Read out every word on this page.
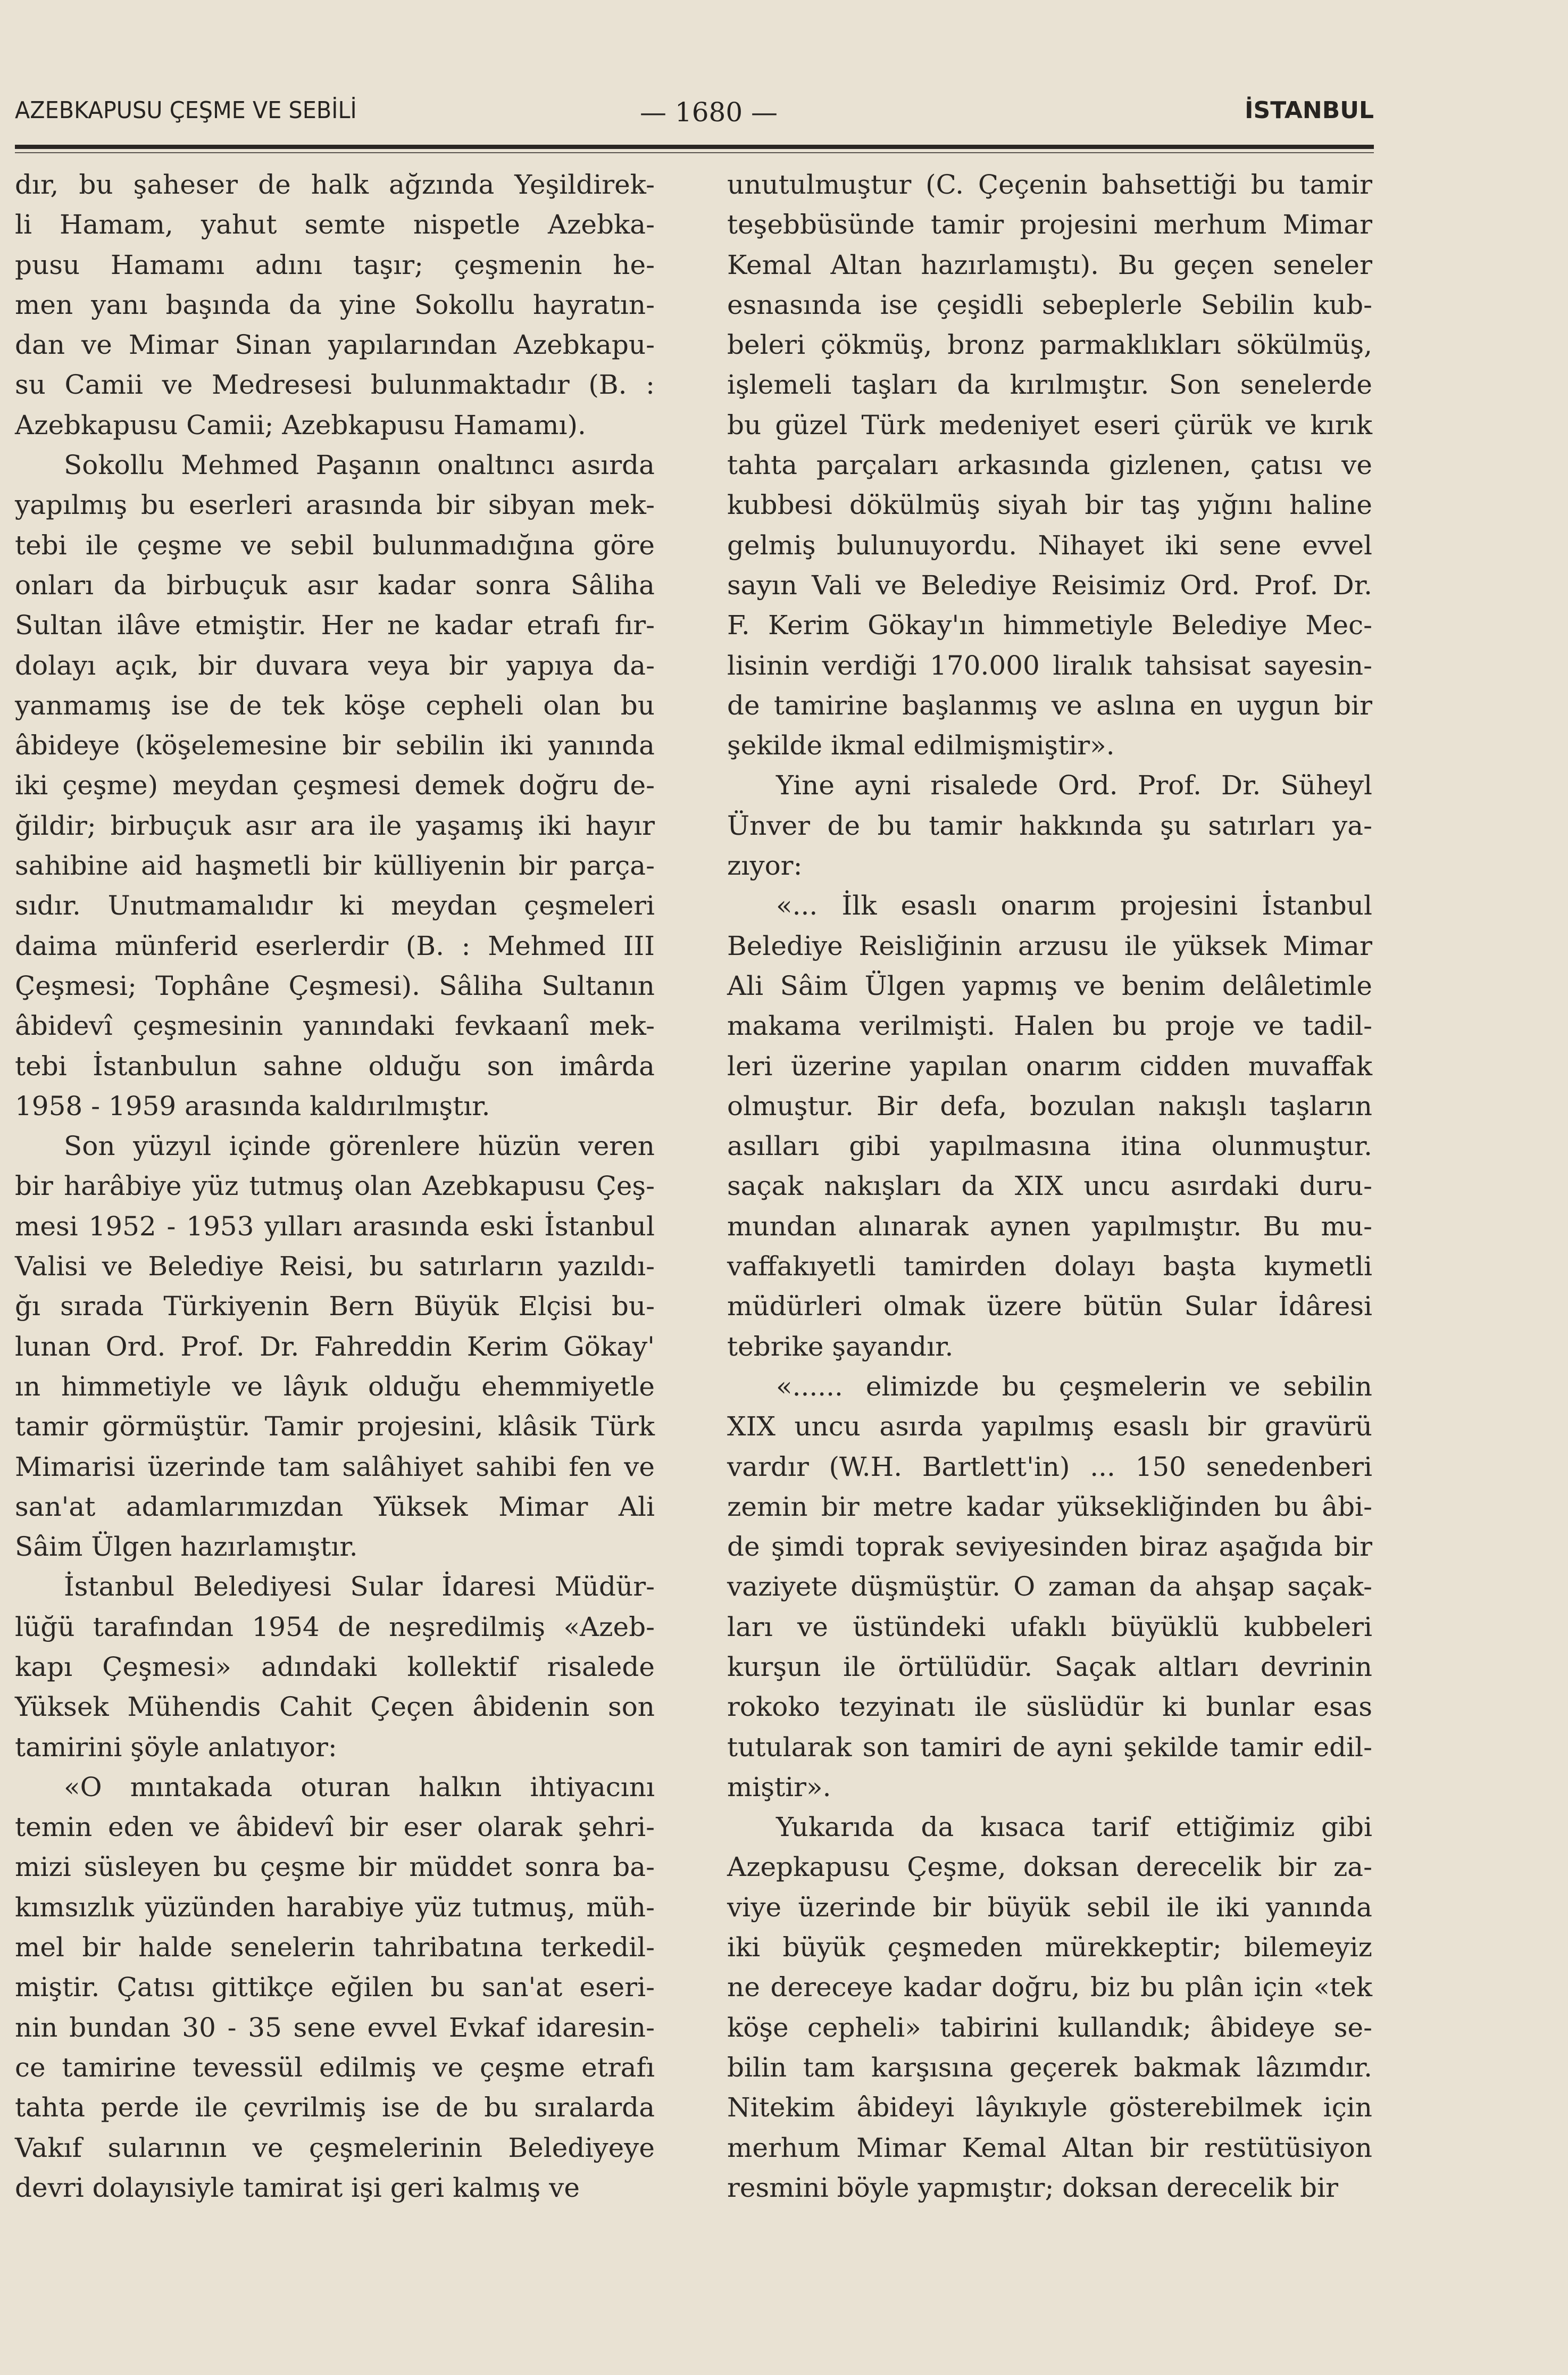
AZEBKAPUSU ÇEŞME VE SEBİLİ	— 1680 —	İSTANBUL

dır, bu şaheser de halk ağzında Yeşildirek-
li Hamam, yahut semte nispetle Azebka-
pusu Hamamı adını taşır; çeşmenin he-
men yanı başında da yine Sokollu hayratın-
dan ve Mimar Sinan yapılarından Azebkapu-
su Camii ve Medresesi bulunmaktadır (B. :
Azebkapusu Camii; Azebkapusu Hamamı).

Sokollu Mehmed Paşanın onaltıncı asırda
yapılmış bu eserleri arasında bir sibyan mek-
tebi ile çeşme ve sebil bulunmadığına göre
onları da birbuçuk asır kadar sonra Sâliha
Sultan ilâve etmiştir. Her ne kadar etrafı fır-
dolayı açık, bir duvara veya bir yapıya da-
yanmamış ise de tek köşe cepheli olan bu
âbideye (köşelemesine bir sebilin iki yanında
iki çeşme) meydan çeşmesi demek doğru de-
ğildir; birbuçuk asır ara ile yaşamış iki hayır
sahibine aid haşmetli bir külliyenin bir parça-
sıdır. Unutmamalıdır ki meydan çeşmeleri
daima münferid eserlerdir (B. : Mehmed III
Çeşmesi; Tophâne Çeşmesi). Sâliha Sultanın
âbidevî çeşmesinin yanındaki fevkaanî mek-
tebi İstanbulun sahne olduğu son imârda
1958 - 1959 arasında kaldırılmıştır.

Son yüzyıl içinde görenlere hüzün veren
bir harâbiye yüz tutmuş olan Azebkapusu Çeş-
mesi 1952 - 1953 yılları arasında eski İstanbul
Valisi ve Belediye Reisi, bu satırların yazıldı-
ğı sırada Türkiyenin Bern Büyük Elçisi bu-
lunan Ord. Prof. Dr. Fahreddin Kerim Gökay'
ın himmetiyle ve lâyık olduğu ehemmiyetle
tamir görmüştür. Tamir projesini, klâsik Türk
Mimarisi üzerinde tam salâhiyet sahibi fen ve
san'at adamlarımızdan Yüksek Mimar Ali
Sâim Ülgen hazırlamıştır.

İstanbul Belediyesi Sular İdaresi Müdür-
lüğü tarafından 1954 de neşredilmiş «Azeb-
kapı Çeşmesi» adındaki kollektif risalede
Yüksek Mühendis Cahit Çeçen âbidenin son
tamirini şöyle anlatıyor:

«O mıntakada oturan halkın ihtiyacını
temin eden ve âbidevî bir eser olarak şehri-
mizi süsleyen bu çeşme bir müddet sonra ba-
kımsızlık yüzünden harabiye yüz tutmuş, müh-
mel bir halde senelerin tahribatına terkedil-
miştir. Çatısı gittikçe eğilen bu san'at eseri-
nin bundan 30 - 35 sene evvel Evkaf idaresin-
ce tamirine tevessül edilmiş ve çeşme etrafı
tahta perde ile çevrilmiş ise de bu sıralarda
Vakıf sularının ve çeşmelerinin Belediyeye
devri dolayısiyle tamirat işi geri kalmış ve

unutulmuştur (C. Çeçenin bahsettiği bu tamir
teşebbüsünde tamir projesini merhum Mimar
Kemal Altan hazırlamıştı). Bu geçen seneler
esnasında ise çeşidli sebeplerle Sebilin kub-
beleri çökmüş, bronz parmaklıkları sökülmüş,
işlemeli taşları da kırılmıştır. Son senelerde
bu güzel Türk medeniyet eseri çürük ve kırık
tahta parçaları arkasında gizlenen, çatısı ve
kubbesi dökülmüş siyah bir taş yığını haline
gelmiş bulunuyordu. Nihayet iki sene evvel
sayın Vali ve Belediye Reisimiz Ord. Prof. Dr.
F. Kerim Gökay'ın himmetiyle Belediye Mec-
lisinin verdiği 170.000 liralık tahsisat sayesin-
de tamirine başlanmış ve aslına en uygun bir
şekilde ikmal edilmişmiştir».

Yine ayni risalede Ord. Prof. Dr. Süheyl
Ünver de bu tamir hakkında şu satırları ya-
zıyor:

«... İlk esaslı onarım projesini İstanbul
Belediye Reisliğinin arzusu ile yüksek Mimar
Ali Sâim Ülgen yapmış ve benim delâletimle
makama verilmişti. Halen bu proje ve tadil-
leri üzerine yapılan onarım cidden muvaffak
olmuştur. Bir defa, bozulan nakışlı taşların
asılları gibi yapılmasına itina olunmuştur.
saçak nakışları da XIX uncu asırdaki duru-
mundan alınarak aynen yapılmıştır. Bu mu-
vaffakıyetli tamirden dolayı başta kıymetli
müdürleri olmak üzere bütün Sular İdâresi
tebrike şayandır.

«...... elimizde bu çeşmelerin ve sebilin
XIX uncu asırda yapılmış esaslı bir gravürü
vardır (W.H. Bartlett'in) ... 150 senedenberi
zemin bir metre kadar yüksekliğinden bu âbi-
de şimdi toprak seviyesinden biraz aşağıda bir
vaziyete düşmüştür. O zaman da ahşap saçak-
ları ve üstündeki ufaklı büyüklü kubbeleri
kurşun ile örtülüdür. Saçak altları devrinin
rokoko tezyinatı ile süslüdür ki bunlar esas
tutularak son tamiri de ayni şekilde tamir edil-
miştir».

Yukarıda da kısaca tarif ettiğimiz gibi
Azepkapusu Çeşme, doksan derecelik bir za-
viye üzerinde bir büyük sebil ile iki yanında
iki büyük çeşmeden mürekkeptir; bilemeyiz
ne dereceye kadar doğru, biz bu plân için «tek
köşe cepheli» tabirini kullandık; âbideye se-
bilin tam karşısına geçerek bakmak lâzımdır.
Nitekim âbideyi lâyıkıyle gösterebilmek için
merhum Mimar Kemal Altan bir restütüsiyon
resmini böyle yapmıştır; doksan derecelik bir
